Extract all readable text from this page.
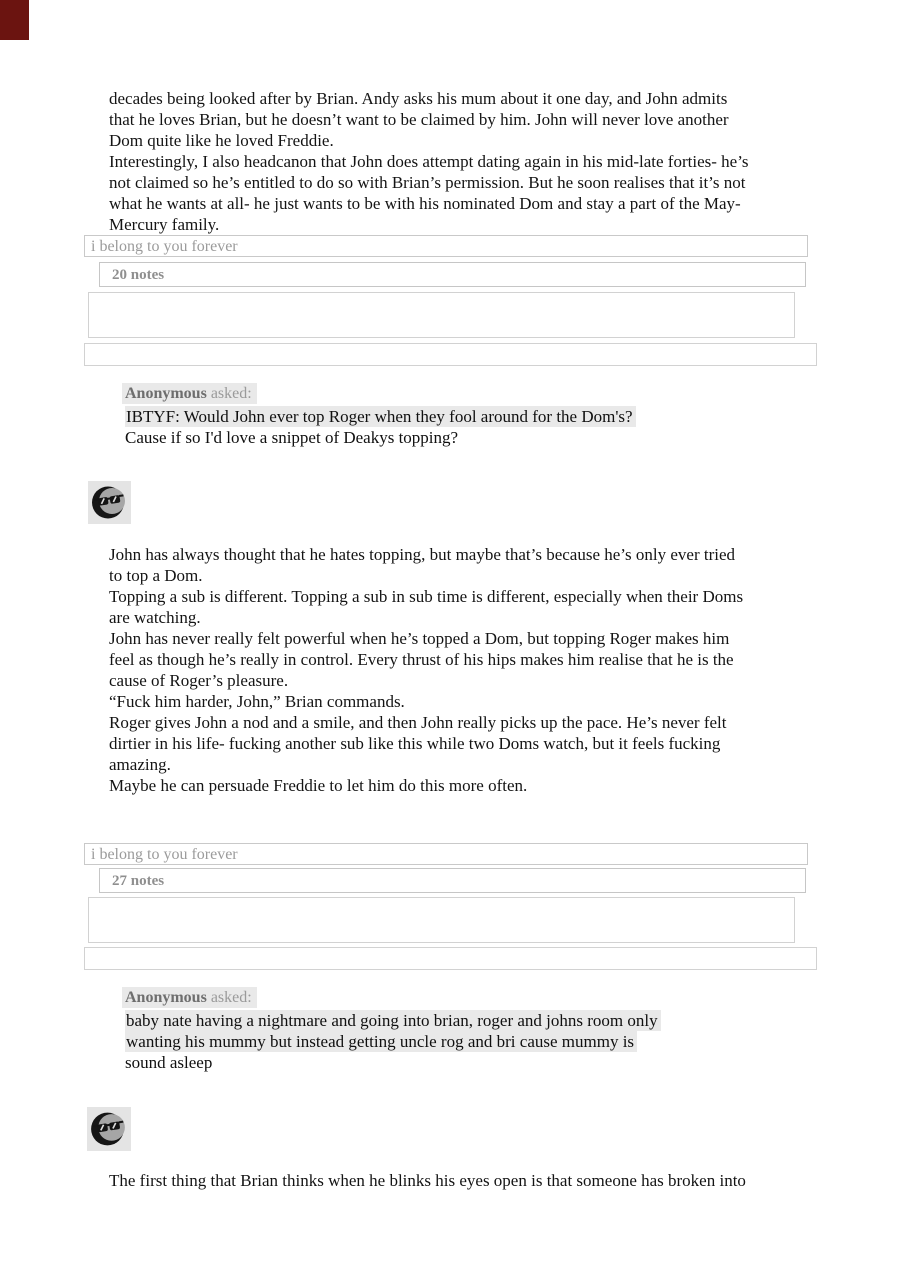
decades being looked after by Brian. Andy asks his mum about it one day, and John admits
that he loves Brian, but he doesn’t want to be claimed by him. John will never love another
Dom quite like he loved Freddie.
Interestingly, I also headcanon that John does attempt dating again in his mid-late forties- he’s
not claimed so he’s entitled to do so with Brian’s permission. But he soon realises that it’s not
what he wants at all- he just wants to be with his nominated Dom and stay a part of the May-
Mercury family.
i belong to you forever
20 notes
Anonymous asked:
IBTYF: Would John ever top Roger when they fool around for the Dom's?
Cause if so I'd love a snippet of Deakys topping?
John has always thought that he hates topping, but maybe that’s because he’s only ever tried
to top a Dom.
Topping a sub is different. Topping a sub in sub time is different, especially when their Doms
are watching.
John has never really felt powerful when he’s topped a Dom, but topping Roger makes him
feel as though he’s really in control. Every thrust of his hips makes him realise that he is the
cause of Roger’s pleasure.
“Fuck him harder, John,” Brian commands.
Roger gives John a nod and a smile, and then John really picks up the pace. He’s never felt
dirtier in his life- fucking another sub like this while two Doms watch, but it feels fucking
amazing.
Maybe he can persuade Freddie to let him do this more often.
i belong to you forever
27 notes
Anonymous asked:
baby nate having a nightmare and going into brian, roger and johns room only
wanting his mummy but instead getting uncle rog and bri cause mummy is
sound asleep
The first thing that Brian thinks when he blinks his eyes open is that someone has broken into
